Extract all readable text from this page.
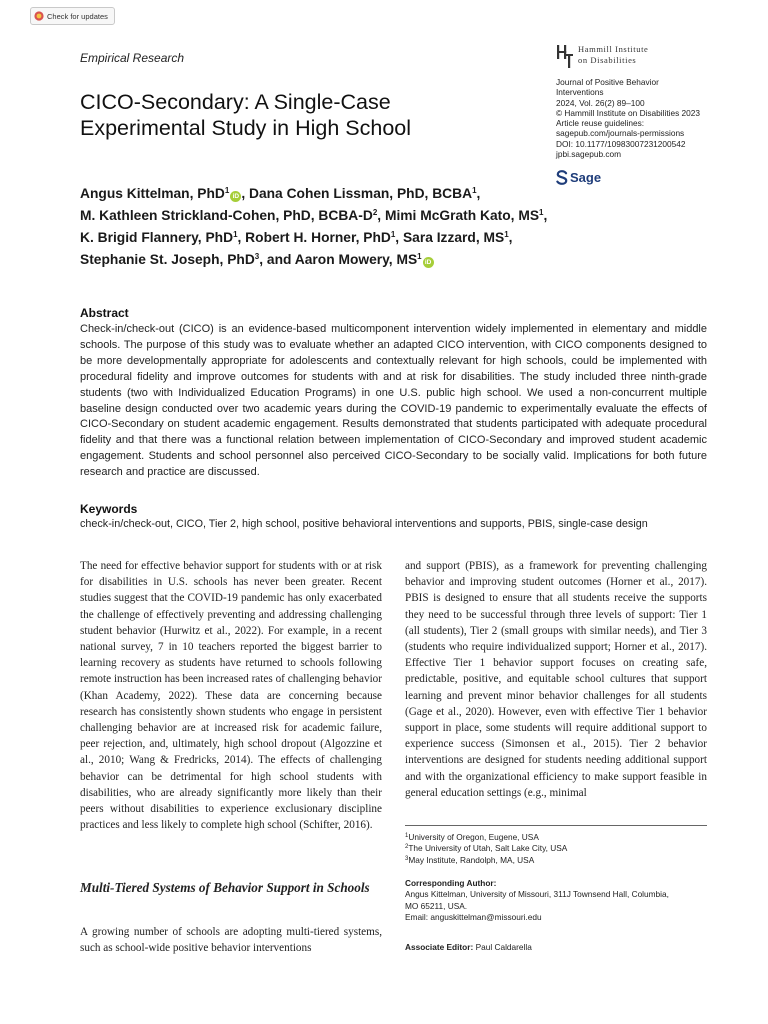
Check for updates
Empirical Research
Hammill Institute
on Disabilities
Journal of Positive Behavior
Interventions
2024, Vol. 26(2) 89–100
© Hammill Institute on Disabilities 2023
Article reuse guidelines:
sagepub.com/journals-permissions
DOI: 10.1177/10983007231200542
jpbi.sagepub.com
Sage
CICO-Secondary: A Single-Case
Experimental Study in High School
Angus Kittelman, PhD$^1$iD , Dana Cohen Lissman, PhD, BCBA$^1$,
M. Kathleen Strickland-Cohen, PhD, BCBA-$D^2$, Mimi McGrath Kato, $MS^1$,
K. Brigid Flannery, PhD$^1$, Robert H. Horner, PhD$^1$, Sara Izzard, $MS^1$,
Stephanie St. Joseph, PhD$^3$, and Aaron Mowery, $MS^1iD$
Abstract

Check-in/check-out (CICO) is an evidence-based multicomponent intervention widely implemented in elementary and middle schools. The purpose of this study was to evaluate whether an adapted CICO intervention, with CICO components designed to be more developmentally appropriate for adolescents and contextually relevant for high schools, could be implemented with procedural fidelity and improve outcomes for students with and at risk for disabilities. The study included three ninth-grade students (two with Individualized Education Programs) in one U.S. public high school. We used a non-concurrent multiple baseline design conducted over two academic years during the COVID-19 pandemic to experimentally evaluate the effects of CICO-Secondary on student academic engagement. Results demonstrated that students participated with adequate procedural fidelity and that there was a functional relation between implementation of CICO-Secondary and improved student academic engagement. Students and school personnel also perceived CICO-Secondary to be socially valid. Implications for both future research and practice are discussed.

Keywords
check-in/check-out, CICO, Tier 2, high school, positive behavioral interventions and supports, PBIS, single-case design

The need for effective behavior support for students with or at risk for disabilities in U.S. schools has never been greater. Recent studies suggest that the COVID-19 pandemic has only exacerbated the challenge of effectively preventing and addressing challenging student behavior (Hurwitz et al., 2022). For example, in a recent national survey, 7 in 10 teachers reported the biggest barrier to learning recovery as students have returned to schools following remote instruction has been increased rates of challenging behavior (Khan Academy, 2022). These data are concerning because research has consistently shown students who engage in persistent challenging behavior are at increased risk for academic failure, peer rejection, and, ultimately, high school dropout (Algozzine et al., 2010; Wang & Fredricks, 2014). The effects of challenging behavior can be detrimental for high school students with disabilities, who are already significantly more likely than their peers without disabilities to experience exclusionary discipline practices and less likely to complete high school (Schifter, 2016).

Multi-Tiered Systems of Behavior Support in Schools

A growing number of schools are adopting multi-tiered systems, such as school-wide positive behavior interventions

and support (PBIS), as a framework for preventing challenging behavior and improving student outcomes (Horner et al., 2017). PBIS is designed to ensure that all students receive the supports they need to be successful through three levels of support: Tier 1 (all students), Tier 2 (small groups with similar needs), and Tier 3 (students who require individualized support; Horner et al., 2017). Effective Tier 1 behavior support focuses on creating safe, predictable, positive, and equitable school cultures that support learning and prevent minor behavior challenges for all students (Gage et al., 2020). However, even with effective Tier 1 behavior support in place, some students will require additional support to experience success (Simonsen et al., 2015). Tier 2 behavior interventions are designed for students needing additional support and with the organizational efficiency to make support feasible in general education settings (e.g., minimal

$^1$University of Oregon, Eugene, USA
$^2$The University of Utah, Salt Lake City, USA
$^3$May Institute, Randolph, MA, USA
Corresponding Author:
Angus Kittelman, University of Missouri, 311J Townsend Hall, Columbia,
MO 65211, USA.
Email: anguskittelman@missouri.edu
Associate Editor: Paul Caldarella
